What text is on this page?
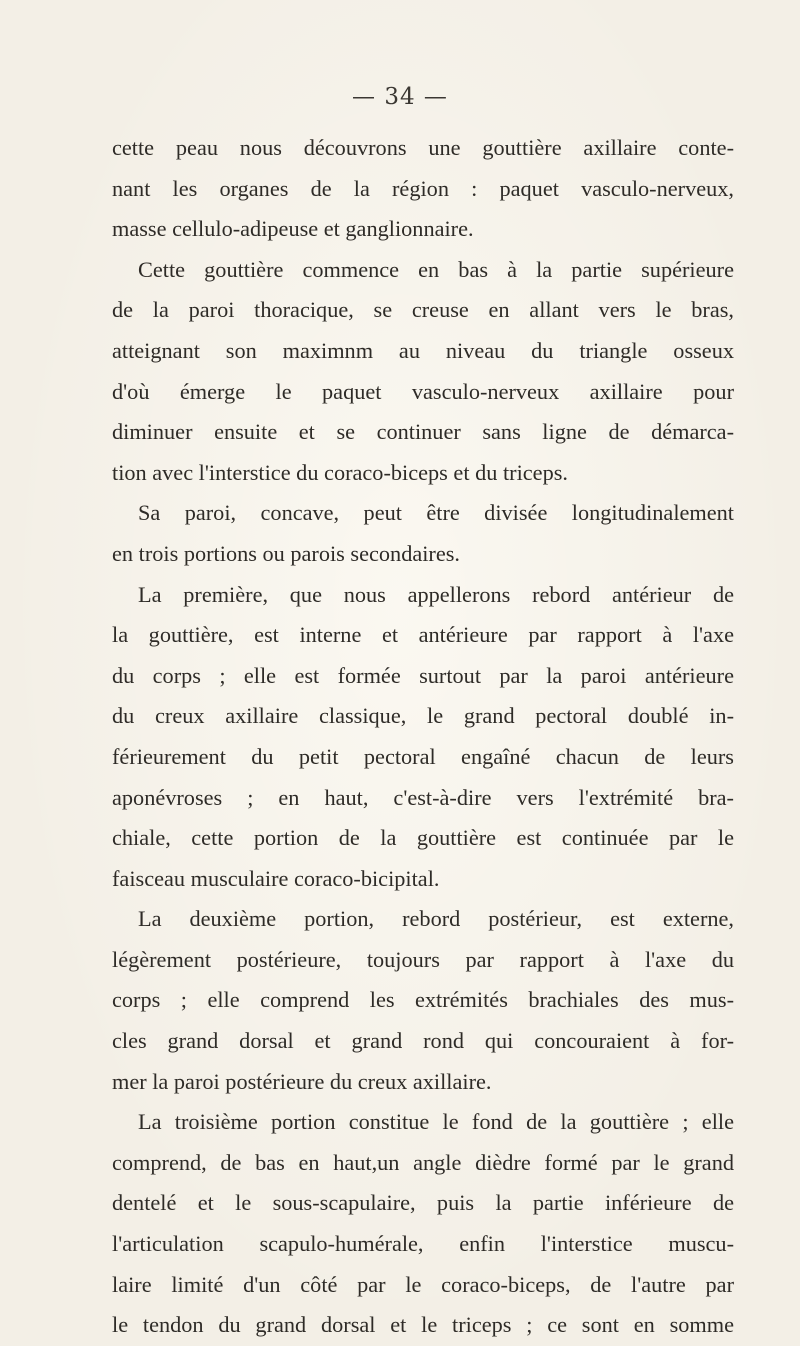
— 34 —
cette peau nous découvrons une gouttière axillaire conte-
nant les organes de la région : paquet vasculo-nerveux,
masse cellulo-adipeuse et ganglionnaire.
Cette gouttière commence en bas à la partie supérieure
de la paroi thoracique, se creuse en allant vers le bras,
atteignant son maximnm au niveau du triangle osseux
d'où émerge le paquet vasculo-nerveux axillaire pour
diminuer ensuite et se continuer sans ligne de démarca-
tion avec l'interstice du coraco-biceps et du triceps.
Sa paroi, concave, peut être divisée longitudinalement
en trois portions ou parois secondaires.
La première, que nous appellerons rebord antérieur de
la gouttière, est interne et antérieure par rapport à l'axe
du corps ; elle est formée surtout par la paroi antérieure
du creux axillaire classique, le grand pectoral doublé in-
férieurement du petit pectoral engaîné chacun de leurs
aponévroses ; en haut, c'est-à-dire vers l'extrémité bra-
chiale, cette portion de la gouttière est continuée par le
faisceau musculaire coraco-bicipital.
La deuxième portion, rebord postérieur, est externe,
légèrement postérieure, toujours par rapport à l'axe du
corps ; elle comprend les extrémités brachiales des mus-
cles grand dorsal et grand rond qui concouraient à for-
mer la paroi postérieure du creux axillaire.
La troisième portion constitue le fond de la gouttière ; elle
comprend, de bas en haut,un angle dièdre formé par le grand
dentelé et le sous-scapulaire, puis la partie inférieure de
l'articulation scapulo-humérale, enfin l'interstice muscu-
laire limité d'un côté par le coraco-biceps, de l'autre par
le tendon du grand dorsal et le triceps ; ce sont en somme
